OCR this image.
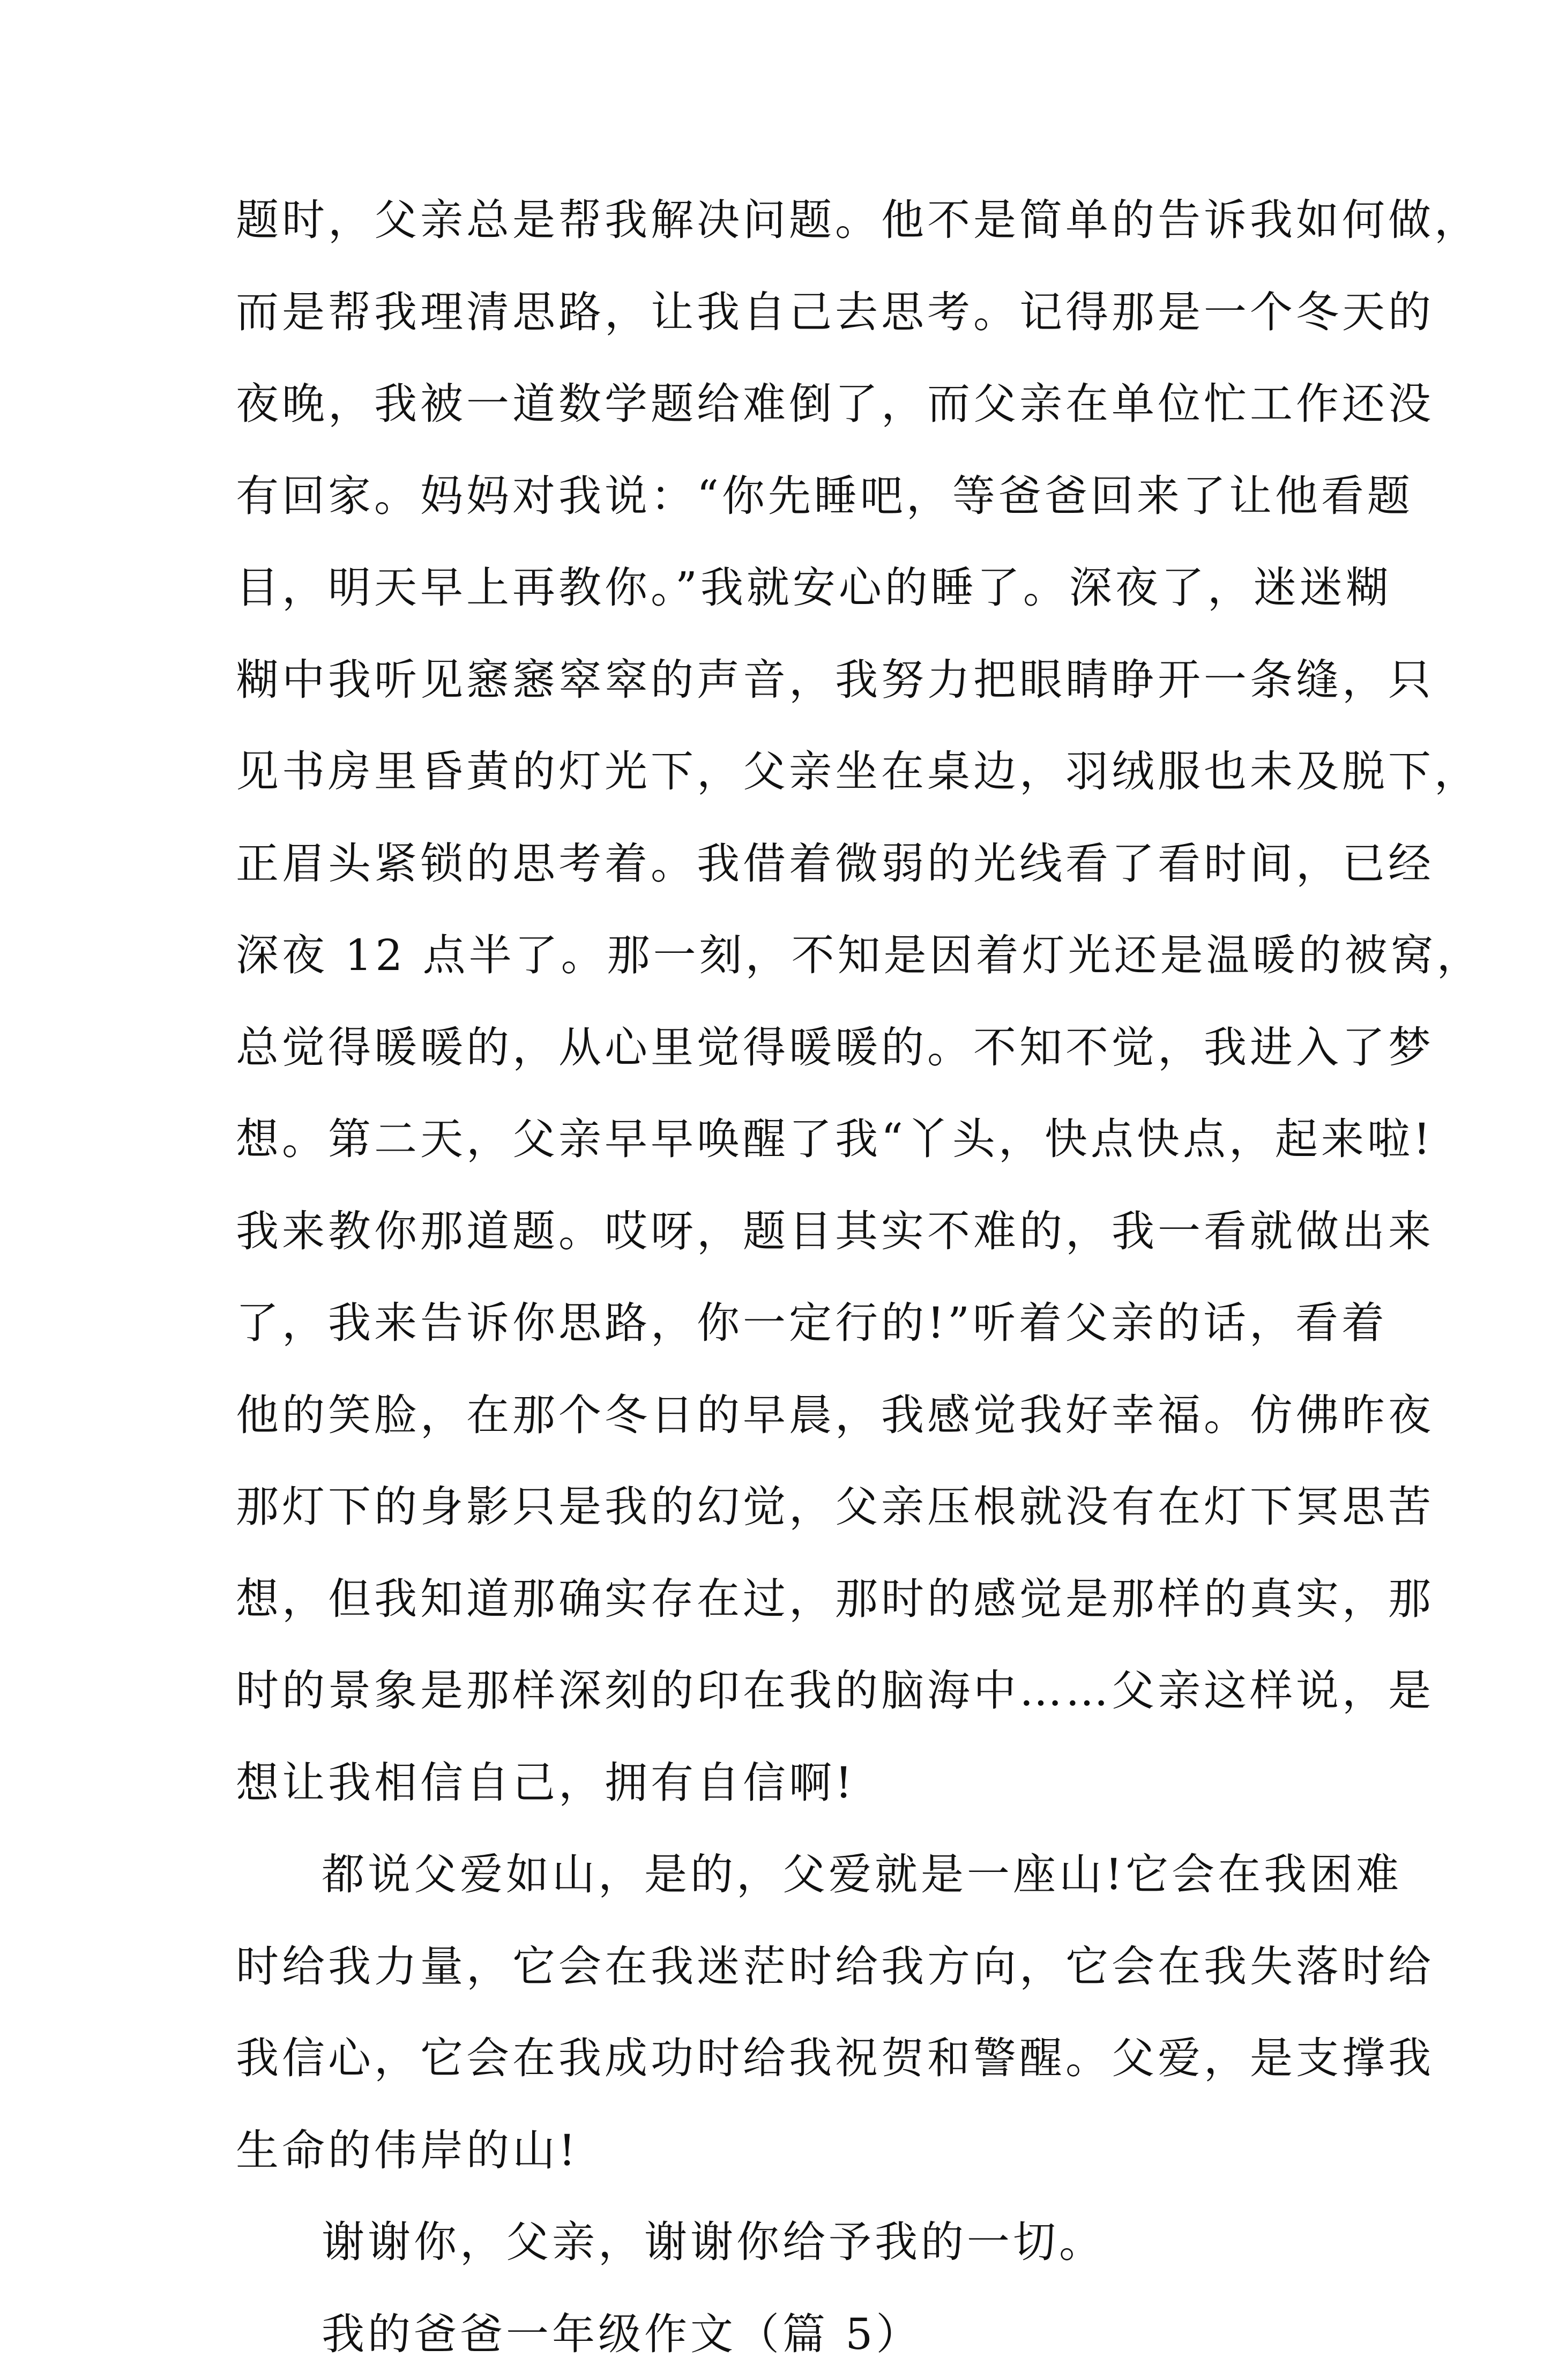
题时，父亲总是帮我解决问题。他不是简单的告诉我如何做，
而是帮我理清思路，让我自己去思考。记得那是一个冬天的
夜晚，我被一道数学题给难倒了，而父亲在单位忙工作还没
有回家。妈妈对我说：“你先睡吧，等爸爸回来了让他看题
目，明天早上再教你。”我就安心的睡了。深夜了，迷迷糊
糊中我听见窸窸窣窣的声音，我努力把眼睛睁开一条缝，只
见书房里昏黄的灯光下，父亲坐在桌边，羽绒服也未及脱下，
正眉头紧锁的思考着。我借着微弱的光线看了看时间，已经
深夜 12 点半了。那一刻，不知是因着灯光还是温暖的被窝，
总觉得暖暖的，从心里觉得暖暖的。不知不觉，我进入了梦
想。第二天，父亲早早唤醒了我“丫头，快点快点，起来啦!
我来教你那道题。哎呀，题目其实不难的，我一看就做出来
了，我来告诉你思路，你一定行的!”听着父亲的话，看着
他的笑脸，在那个冬日的早晨，我感觉我好幸福。仿佛昨夜
那灯下的身影只是我的幻觉，父亲压根就没有在灯下冥思苦
想，但我知道那确实存在过，那时的感觉是那样的真实，那
时的景象是那样深刻的印在我的脑海中……父亲这样说，是
想让我相信自己，拥有自信啊!
都说父爱如山，是的，父爱就是一座山!它会在我困难
时给我力量，它会在我迷茫时给我方向，它会在我失落时给
我信心，它会在我成功时给我祝贺和警醒。父爱，是支撑我
生命的伟岸的山!
谢谢你，父亲，谢谢你给予我的一切。
我的爸爸一年级作文（篇 5）
